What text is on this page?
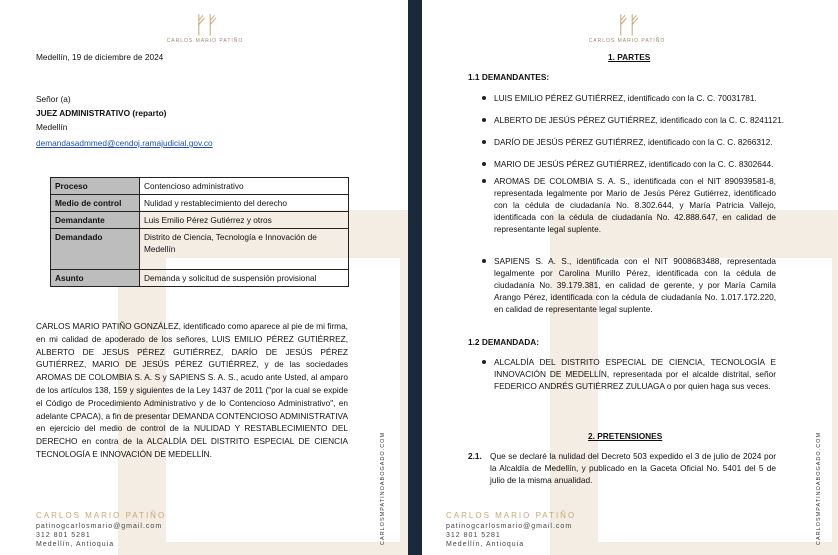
ᚠᚠ
CARLOS MARIO PATIÑO
Medellín, 19 de diciembre de 2024
Señor (a)
JUEZ ADMINISTRATIVO (reparto)
Medellín
demandasadmmed@cendoj.ramajudicial.gov.co
Proceso	Contencioso administrativo
Medio de control	Nulidad y restablecimiento del derecho
Demandante	Luis Emilio Pérez Gutiérrez y otros
Demandado	Distrito de Ciencia, Tecnología e Innovación de Medellín
Asunto	Demanda y solicitud de suspensión provisional
CARLOS MARIO PATIÑO GONZÁLEZ, identificado como aparece al pie de mi firma, en mi calidad de apoderado de los señores, LUIS EMILIO PÉREZ GUTIÉRREZ, ALBERTO DE JESUS PÉREZ GUTIÉRREZ, DARÍO DE JESÚS PÉREZ GUTIÉRREZ, MARIO DE JESÚS PÉREZ GUTIÉRREZ, y de las sociedades AROMAS DE COLOMBIA S. A. S y SAPIENS S. A. S., acudo ante Usted, al amparo de los artículos 138, 159 y siguientes de la Ley 1437 de 2011 ("por la cual se expide el Código de Procedimiento Administrativo y de lo Contencioso Administrativo", en adelante CPACA), a fin de presentar DEMANDA CONTENCIOSO ADMINISTRATIVA en ejercicio del medio de control de la NULIDAD Y RESTABLECIMIENTO DEL DERECHO en contra de la ALCALDÍA DEL DISTRITO ESPECIAL DE CIENCIA TECNOLOGÍA E INNOVACIÓN DE MEDELLÍN.
CARLOS MARIO PATIÑO
patinogcarlosmario@gmail.com
312 801 5281
Medellín, Antioquia	CARLOSMPATINOABOGADO.COM
ᚠᚠ
CARLOS MARIO PATIÑO
1. PARTES
1.1 DEMANDANTES:
LUIS EMILIO PÉREZ GUTIÉRREZ, identificado con la C. C. 70031781.
ALBERTO DE JESÚS PÉREZ GUTIÉRREZ, identificado con la C. C. 8241121.
DARÍO DE JESÚS PÉREZ GUTIÉRREZ, identificado con la C. C. 8266312.
MARIO DE JESÚS PÉREZ GUTIÉRREZ, identificado con la C. C. 8302644.
AROMAS DE COLOMBIA S. A. S., identificada con el NIT 890939581-8, representada legalmente por Mario de Jesús Pérez Gutiérrez, identificado con la cédula de ciudadanía No. 8.302.644, y María Patricia Vallejo, identificada con la cédula de ciudadanía No. 42.888.647, en calidad de representante legal suplente.
SAPIENS S. A. S., identificada con el NIT 9008683488, representada legalmente por Carolina Murillo Pérez, identificada con la cédula de ciudadanía No. 39.179.381, en calidad de gerente, y por María Camila Arango Pérez, identificada con la cédula de ciudadanía No. 1.017.172.220, en calidad de representante legal suplente.
1.2 DEMANDADA:
ALCALDÍA DEL DISTRITO ESPECIAL DE CIENCIA, TECNOLOGÍA E INNOVACIÓN DE MEDELLÍN, representada por el alcalde distrital, señor FEDERICO ANDRÉS GUTIÉRREZ ZULUAGA o por quien haga sus veces.
2. PRETENSIONES
2.1. Que se declaré la nulidad del Decreto 503 expedido el 3 de julio de 2024 por la Alcaldía de Medellín, y publicado en la Gaceta Oficial No. 5401 del 5 de julio de la misma anualidad.
CARLOS MARIO PATIÑO
patinogcarlosmario@gmail.com
312 801 5281
Medellín, Antioquia	CARLOSMPATINOABOGADO.COM
